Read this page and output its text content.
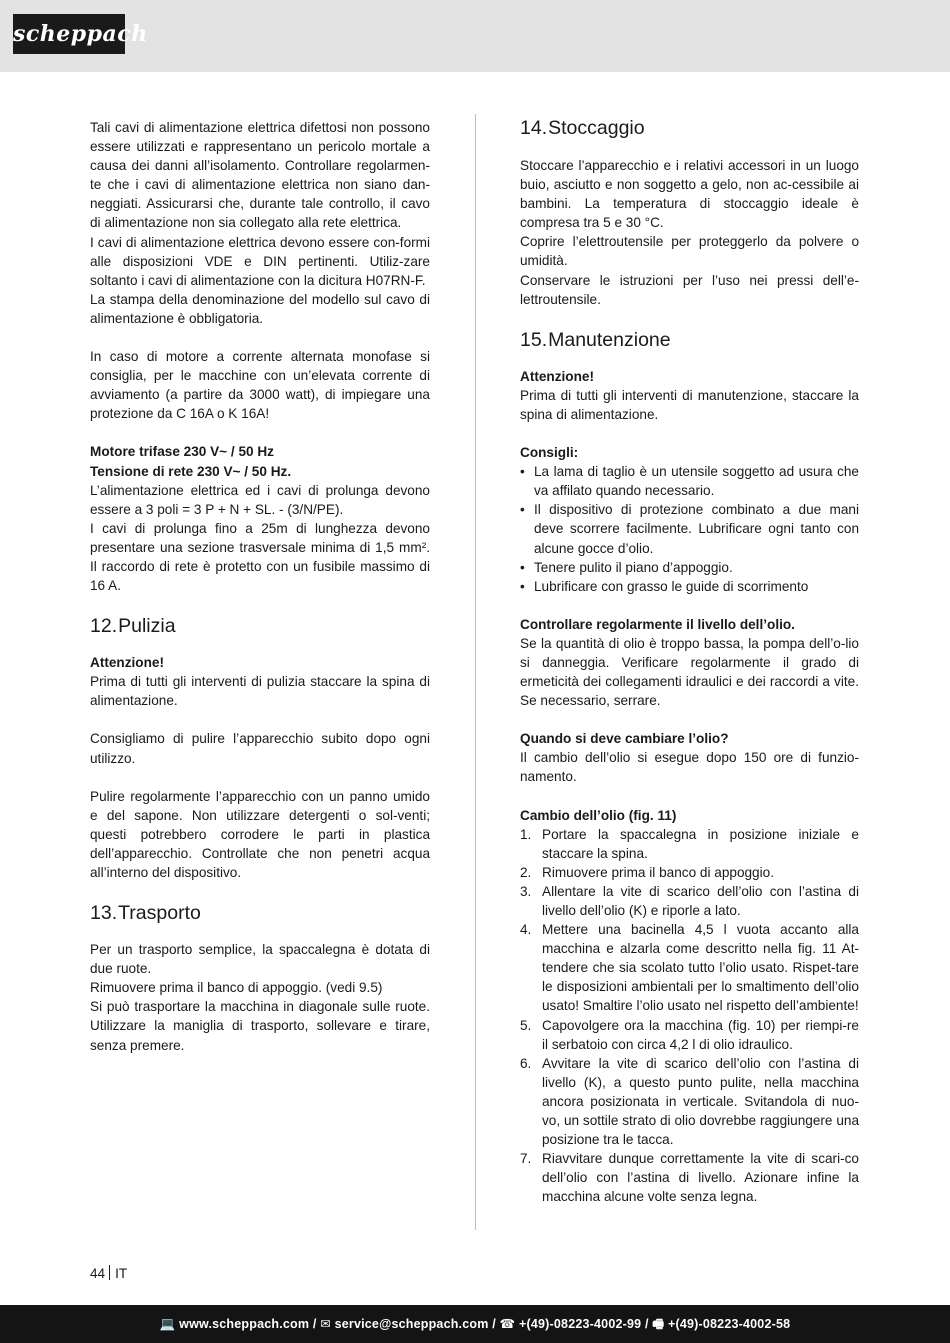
scheppach

Tali cavi di alimentazione elettrica difettosi non possono essere utilizzati e rappresentano un pericolo mortale a causa dei danni all’isolamento. Controllare regolarmen-te che i cavi di alimentazione elettrica non siano dan-neggiati. Assicurarsi che, durante tale controllo, il cavo di alimentazione non sia collegato alla rete elettrica.

I cavi di alimentazione elettrica devono essere con-formi alle disposizioni VDE e DIN pertinenti. Utiliz-zare soltanto i cavi di alimentazione con la dicitura H07RN-F.

La stampa della denominazione del modello sul cavo di alimentazione è obbligatoria.

In caso di motore a corrente alternata monofase si consiglia, per le macchine con un’elevata corrente di avviamento (a partire da 3000 watt), di impiegare una protezione da C 16A o K 16A!

Motore trifase 230 V~ / 50 Hz

Tensione di rete 230 V~ / 50 Hz.

L’alimentazione elettrica ed i cavi di prolunga devono essere a 3 poli = 3 P + N + SL. - (3/N/PE).

I cavi di prolunga fino a 25m di lunghezza devono presentare una sezione trasversale minima di 1,5 mm². Il raccordo di rete è protetto con un fusibile massimo di 16 A.

12.Pulizia

Attenzione!

Prima di tutti gli interventi di pulizia staccare la spina di alimentazione.

Consigliamo di pulire l’apparecchio subito dopo ogni utilizzo.

Pulire regolarmente l’apparecchio con un panno umido e del sapone. Non utilizzare detergenti o sol-venti; questi potrebbero corrodere le parti in plastica dell’apparecchio. Controllate che non penetri acqua all’interno del dispositivo.

13.Trasporto

Per un trasporto semplice, la spaccalegna è dotata di due ruote.

Rimuovere prima il banco di appoggio. (vedi 9.5)

Si può trasportare la macchina in diagonale sulle ruote. Utilizzare la maniglia di trasporto, sollevare e tirare, senza premere.

14.Stoccaggio

Stoccare l’apparecchio e i relativi accessori in un luogo buio, asciutto e non soggetto a gelo, non ac-cessibile ai bambini. La temperatura di stoccaggio ideale è compresa tra 5 e 30 °C.

Coprire l’elettroutensile per proteggerlo da polvere o umidità.

Conservare le istruzioni per l’uso nei pressi dell’e-lettroutensile.

15.Manutenzione

Attenzione!

Prima di tutti gli interventi di manutenzione, staccare la spina di alimentazione.

Consigli:

• La lama di taglio è un utensile soggetto ad usura che va affilato quando necessario.
• Il dispositivo di protezione combinato a due mani deve scorrere facilmente. Lubrificare ogni tanto con alcune gocce d’olio.
• Tenere pulito il piano d’appoggio.
• Lubrificare con grasso le guide di scorrimento

Controllare regolarmente il livello dell’olio.

Se la quantità di olio è troppo bassa, la pompa dell’o-lio si danneggia. Verificare regolarmente il grado di ermeticità dei collegamenti idraulici e dei raccordi a vite. Se necessario, serrare.

Quando si deve cambiare l’olio?

Il cambio dell’olio si esegue dopo 150 ore di funzio-namento.

Cambio dell’olio (fig. 11)

1. Portare la spaccalegna in posizione iniziale e staccare la spina.
2. Rimuovere prima il banco di appoggio.
3. Allentare la vite di scarico dell’olio con l’astina di livello dell’olio (K) e riporle a lato.
4. Mettere una bacinella 4,5 l vuota accanto alla macchina e alzarla come descritto nella fig. 11 At-tendere che sia scolato tutto l’olio usato. Rispet-tare le disposizioni ambientali per lo smaltimento dell’olio usato! Smaltire l’olio usato nel rispetto dell’ambiente!
5. Capovolgere ora la macchina (fig. 10) per riempi-re il serbatoio con circa 4,2 l di olio idraulico.
6. Avvitare la vite di scarico dell’olio con l’astina di livello (K), a questo punto pulite, nella macchina ancora posizionata in verticale. Svitandola di nuo-vo, un sottile strato di olio dovrebbe raggiungere una posizione tra le tacca.
7. Riavvitare dunque correttamente la vite di scari-co dell’olio con l’astina di livello. Azionare infine la macchina alcune volte senza legna.
44 IT
💻 www.scheppach.com / ✉ service@scheppach.com / ☎ +(49)-08223-4002-99 / 🖷 +(49)-08223-4002-58
